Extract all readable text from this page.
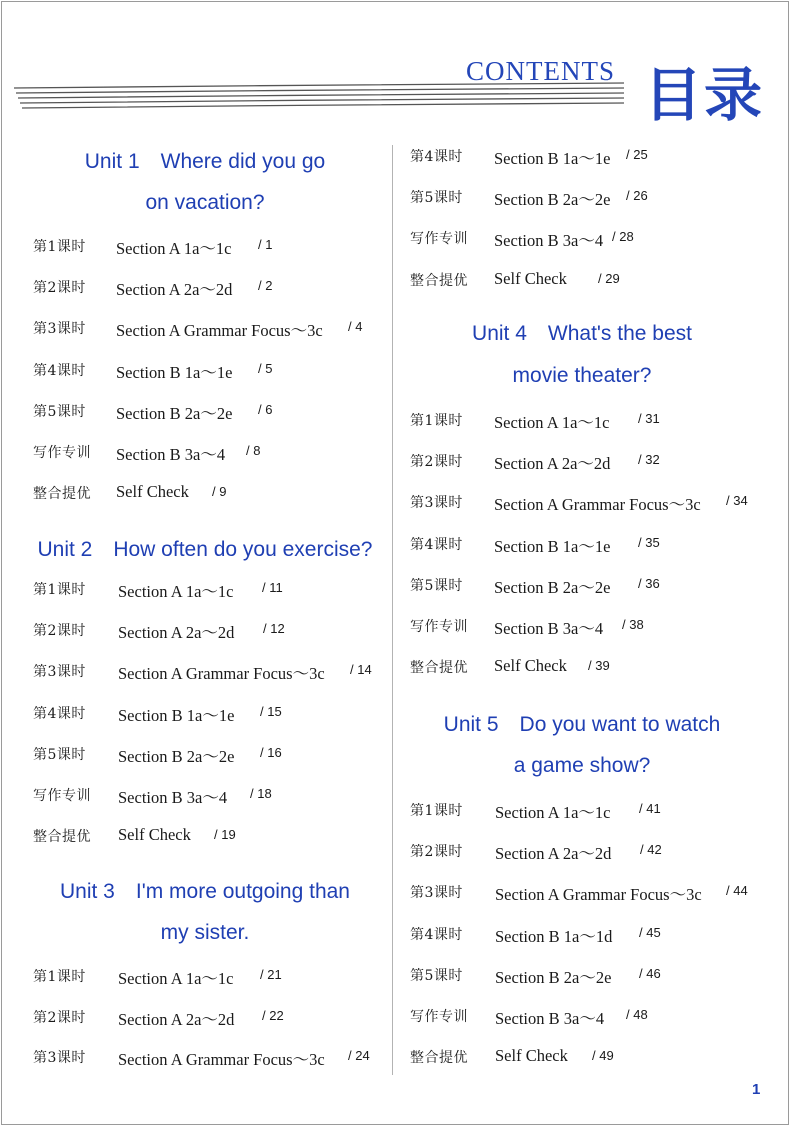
CONTENTS 目录
Unit 1　Where did you go
on vacation?
第1课时 Section A 1a～1c / 1
第2课时 Section A 2a～2d / 2
第3课时 Section A Grammar Focus～3c / 4
第4课时 Section B 1a～1e / 5
第5课时 Section B 2a～2e / 6
写作专训 Section B 3a～4 / 8
整合提优 Self Check / 9
Unit 2　How often do you exercise?
第1课时 Section A 1a～1c / 11
第2课时 Section A 2a～2d / 12
第3课时 Section A Grammar Focus～3c / 14
第4课时 Section B 1a～1e / 15
第5课时 Section B 2a～2e / 16
写作专训 Section B 3a～4 / 18
整合提优 Self Check / 19
Unit 3　I'm more outgoing than
my sister.
第1课时 Section A 1a～1c / 21
第2课时 Section A 2a～2d / 22
第3课时 Section A Grammar Focus～3c / 24
第4课时 Section B 1a～1e / 25
第5课时 Section B 2a～2e / 26
写作专训 Section B 3a～4 / 28
整合提优 Self Check / 29
Unit 4　What's the best
movie theater?
第1课时 Section A 1a～1c / 31
第2课时 Section A 2a～2d / 32
第3课时 Section A Grammar Focus～3c / 34
第4课时 Section B 1a～1e / 35
第5课时 Section B 2a～2e / 36
写作专训 Section B 3a～4 / 38
整合提优 Self Check / 39
Unit 5　Do you want to watch
a game show?
第1课时 Section A 1a～1c / 41
第2课时 Section A 2a～2d / 42
第3课时 Section A Grammar Focus～3c / 44
第4课时 Section B 1a～1d / 45
第5课时 Section B 2a～2e / 46
写作专训 Section B 3a～4 / 48
整合提优 Self Check / 49
1
